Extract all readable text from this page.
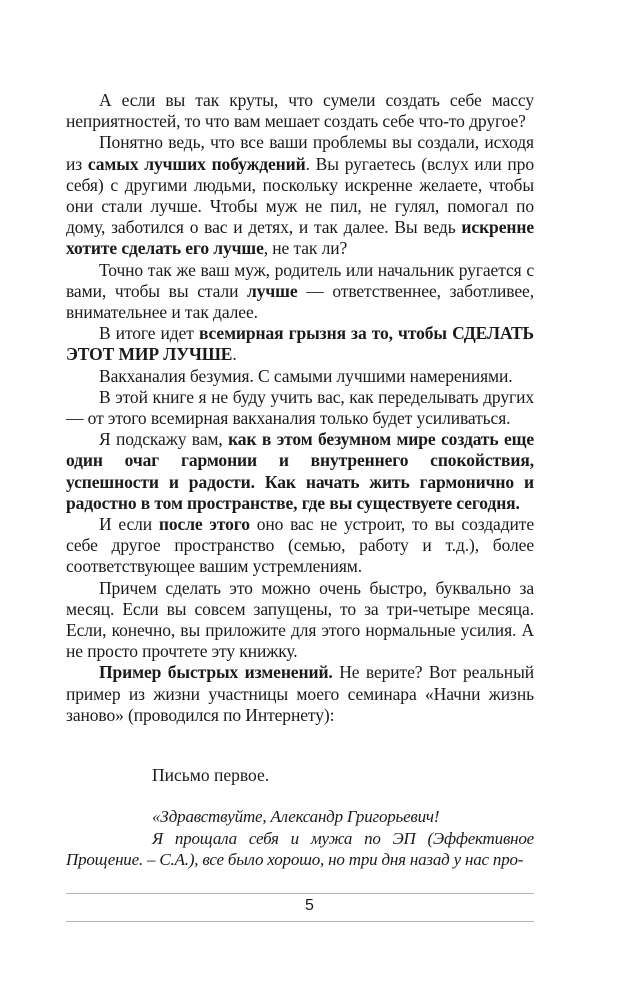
А если вы так круты, что сумели создать себе массу неприятностей, то что вам мешает создать себе что-то другое?

Понятно ведь, что все ваши проблемы вы создали, исходя из самых лучших побуждений. Вы ругаетесь (вслух или про себя) с другими людьми, поскольку искренне желаете, чтобы они стали лучше. Чтобы муж не пил, не гулял, помогал по дому, заботился о вас и детях, и так далее. Вы ведь искренне хотите сделать его лучше, не так ли?

Точно так же ваш муж, родитель или начальник ругается с вами, чтобы вы стали лучше — ответственнее, заботливее, внимательнее и так далее.

В итоге идет всемирная грызня за то, чтобы СДЕЛАТЬ ЭТОТ МИР ЛУЧШЕ.

Вакханалия безумия. С самыми лучшими намерениями.

В этой книге я не буду учить вас, как переделывать других — от этого всемирная вакханалия только будет усиливаться.

Я подскажу вам, как в этом безумном мире создать еще один очаг гармонии и внутреннего спокойствия, успешности и радости. Как начать жить гармонично и радостно в том пространстве, где вы существуете сегодня.

И если после этого оно вас не устроит, то вы создадите себе другое пространство (семью, работу и т.д.), более соответствующее вашим устремлениям.

Причем сделать это можно очень быстро, буквально за месяц. Если вы совсем запущены, то за три-четыре месяца. Если, конечно, вы приложите для этого нормальные усилия. А не просто прочтете эту книжку.

Пример быстрых изменений. Не верите? Вот реальный пример из жизни участницы моего семинара «Начни жизнь заново» (проводился по Интернету):

Письмо первое.

«Здравствуйте, Александр Григорьевич!

Я прощала себя и мужа по ЭП (Эффективное Прощение. – С.А.), все было хорошо, но три дня назад у нас про-

5
